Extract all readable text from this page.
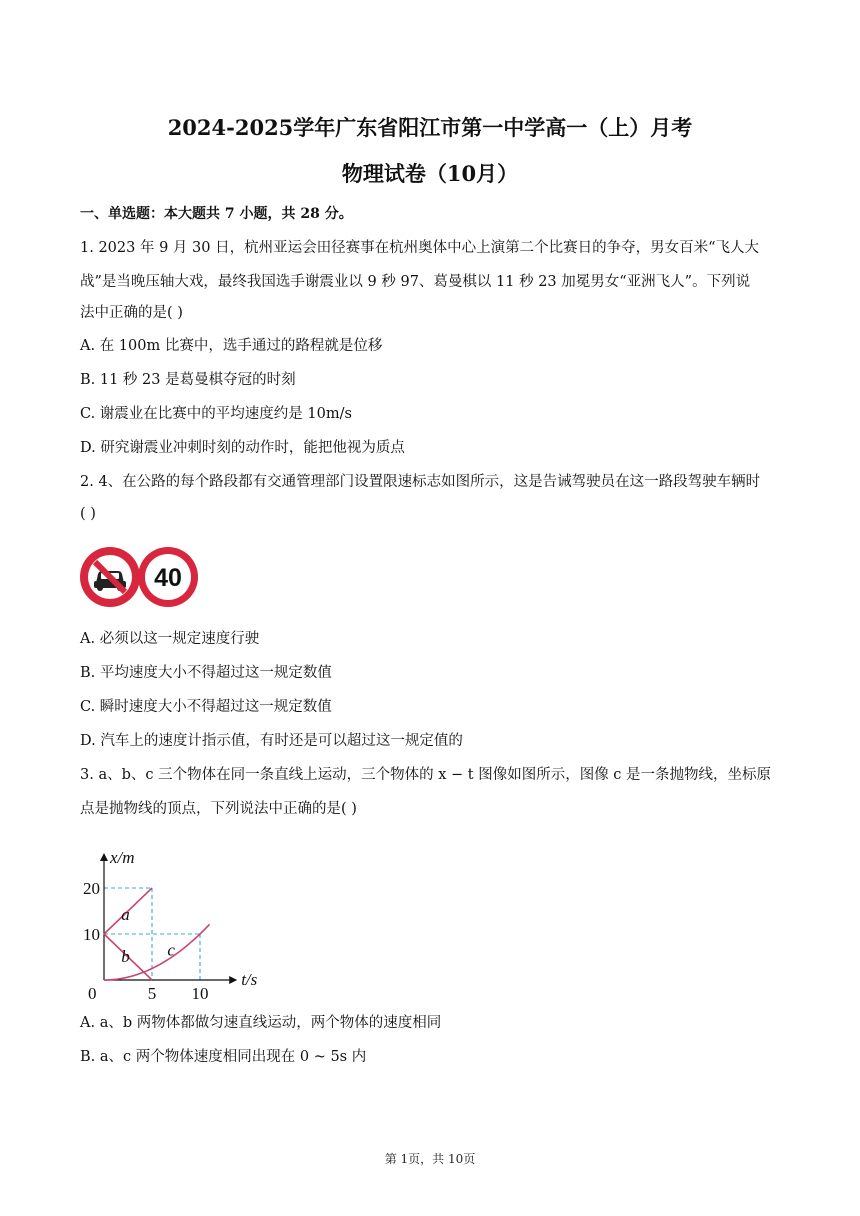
2024-2025学年广东省阳江市第一中学高一（上）月考
物理试卷（10月）
一、单选题：本大题共 7 小题，共 28 分。
1. 2023 年 9 月 30 日，杭州亚运会田径赛事在杭州奥体中心上演第二个比赛日的争夺，男女百米“飞人大
战”是当晚压轴大戏，最终我国选手谢震业以 9 秒 97、葛曼棋以 11 秒 23 加冕男女“亚洲飞人”。下列说
法中正确的是( )
A. 在 100m 比赛中，选手通过的路程就是位移
B. 11 秒 23 是葛曼棋夺冠的时刻
C. 谢震业在比赛中的平均速度约是 10m/s
D. 研究谢震业冲刺时刻的动作时，能把他视为质点
2. 4、在公路的每个路段都有交通管理部门设置限速标志如图所示，这是告诫驾驶员在这一路段驾驶车辆时
( )
40
A. 必须以这一规定速度行驶
B. 平均速度大小不得超过这一规定数值
C. 瞬时速度大小不得超过这一规定数值
D. 汽车上的速度计指示值，有时还是可以超过这一规定值的
3. a、b、c 三个物体在同一条直线上运动，三个物体的 x − t 图像如图所示，图像 c 是一条抛物线，坐标原
点是抛物线的顶点，下列说法中正确的是( )
t/s
x/m
0	5 10
10
20
a
b c
A. a、b 两物体都做匀速直线运动，两个物体的速度相同
B. a、c 两个物体速度相同出现在 0 ~ 5s 内
第 1页，共 10页
